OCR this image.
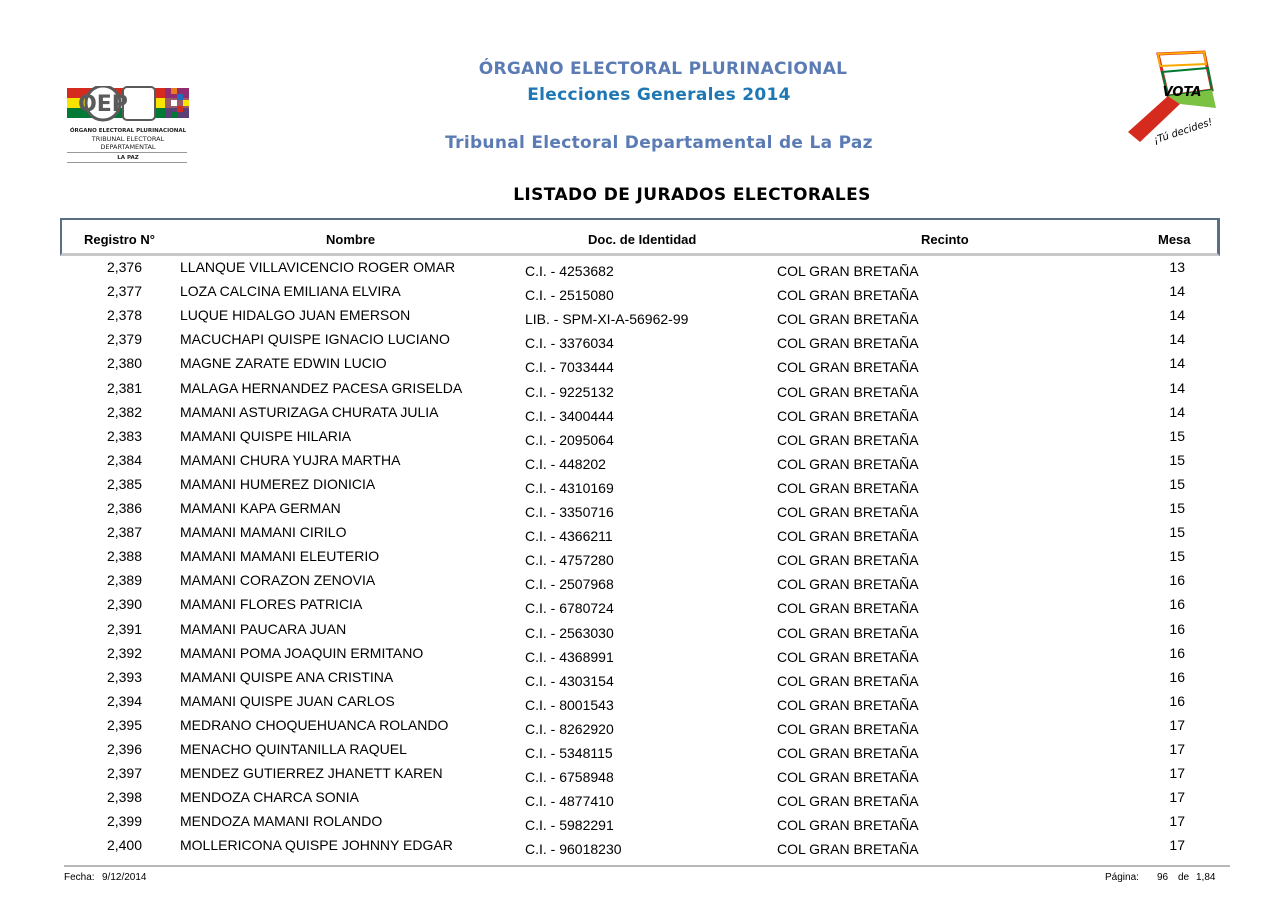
ÓRGANO ELECTORAL PLURINACIONAL
Elecciones Generales 2014
Tribunal Electoral Departamental de La Paz
LISTADO DE JURADOS ELECTORALES
OEP
ÓRGANO ELECTORAL PLURINACIONAL
TRIBUNAL ELECTORAL DEPARTAMENTAL
LA PAZ
VOTA
¡Tú decides!
Registro N°	Nombre	Doc. de Identidad	Recinto	Mesa
2,376	LLANQUE VILLAVICENCIO ROGER OMAR	C.I. - 4253682	COL GRAN BRETAÑA	13
2,377	LOZA CALCINA EMILIANA ELVIRA	C.I. - 2515080	COL GRAN BRETAÑA	14
2,378	LUQUE HIDALGO JUAN EMERSON	LIB. - SPM-XI-A-56962-99	COL GRAN BRETAÑA	14
2,379	MACUCHAPI QUISPE IGNACIO LUCIANO	C.I. - 3376034	COL GRAN BRETAÑA	14
2,380	MAGNE ZARATE EDWIN LUCIO	C.I. - 7033444	COL GRAN BRETAÑA	14
2,381	MALAGA HERNANDEZ PACESA GRISELDA	C.I. - 9225132	COL GRAN BRETAÑA	14
2,382	MAMANI ASTURIZAGA CHURATA JULIA	C.I. - 3400444	COL GRAN BRETAÑA	14
2,383	MAMANI QUISPE HILARIA	C.I. - 2095064	COL GRAN BRETAÑA	15
2,384	MAMANI CHURA YUJRA MARTHA	C.I. - 448202	COL GRAN BRETAÑA	15
2,385	MAMANI HUMEREZ DIONICIA	C.I. - 4310169	COL GRAN BRETAÑA	15
2,386	MAMANI KAPA GERMAN	C.I. - 3350716	COL GRAN BRETAÑA	15
2,387	MAMANI MAMANI CIRILO	C.I. - 4366211	COL GRAN BRETAÑA	15
2,388	MAMANI MAMANI ELEUTERIO	C.I. - 4757280	COL GRAN BRETAÑA	15
2,389	MAMANI CORAZON ZENOVIA	C.I. - 2507968	COL GRAN BRETAÑA	16
2,390	MAMANI FLORES PATRICIA	C.I. - 6780724	COL GRAN BRETAÑA	16
2,391	MAMANI PAUCARA JUAN	C.I. - 2563030	COL GRAN BRETAÑA	16
2,392	MAMANI POMA JOAQUIN ERMITANO	C.I. - 4368991	COL GRAN BRETAÑA	16
2,393	MAMANI QUISPE ANA CRISTINA	C.I. - 4303154	COL GRAN BRETAÑA	16
2,394	MAMANI QUISPE JUAN CARLOS	C.I. - 8001543	COL GRAN BRETAÑA	16
2,395	MEDRANO CHOQUEHUANCA ROLANDO	C.I. - 8262920	COL GRAN BRETAÑA	17
2,396	MENACHO QUINTANILLA RAQUEL	C.I. - 5348115	COL GRAN BRETAÑA	17
2,397	MENDEZ GUTIERREZ JHANETT KAREN	C.I. - 6758948	COL GRAN BRETAÑA	17
2,398	MENDOZA CHARCA SONIA	C.I. - 4877410	COL GRAN BRETAÑA	17
2,399	MENDOZA MAMANI ROLANDO	C.I. - 5982291	COL GRAN BRETAÑA	17
2,400	MOLLERICONA QUISPE JOHNNY EDGAR	C.I. - 96018230	COL GRAN BRETAÑA	17
Fecha: 9/12/2014	Página: 96 de 1,84
